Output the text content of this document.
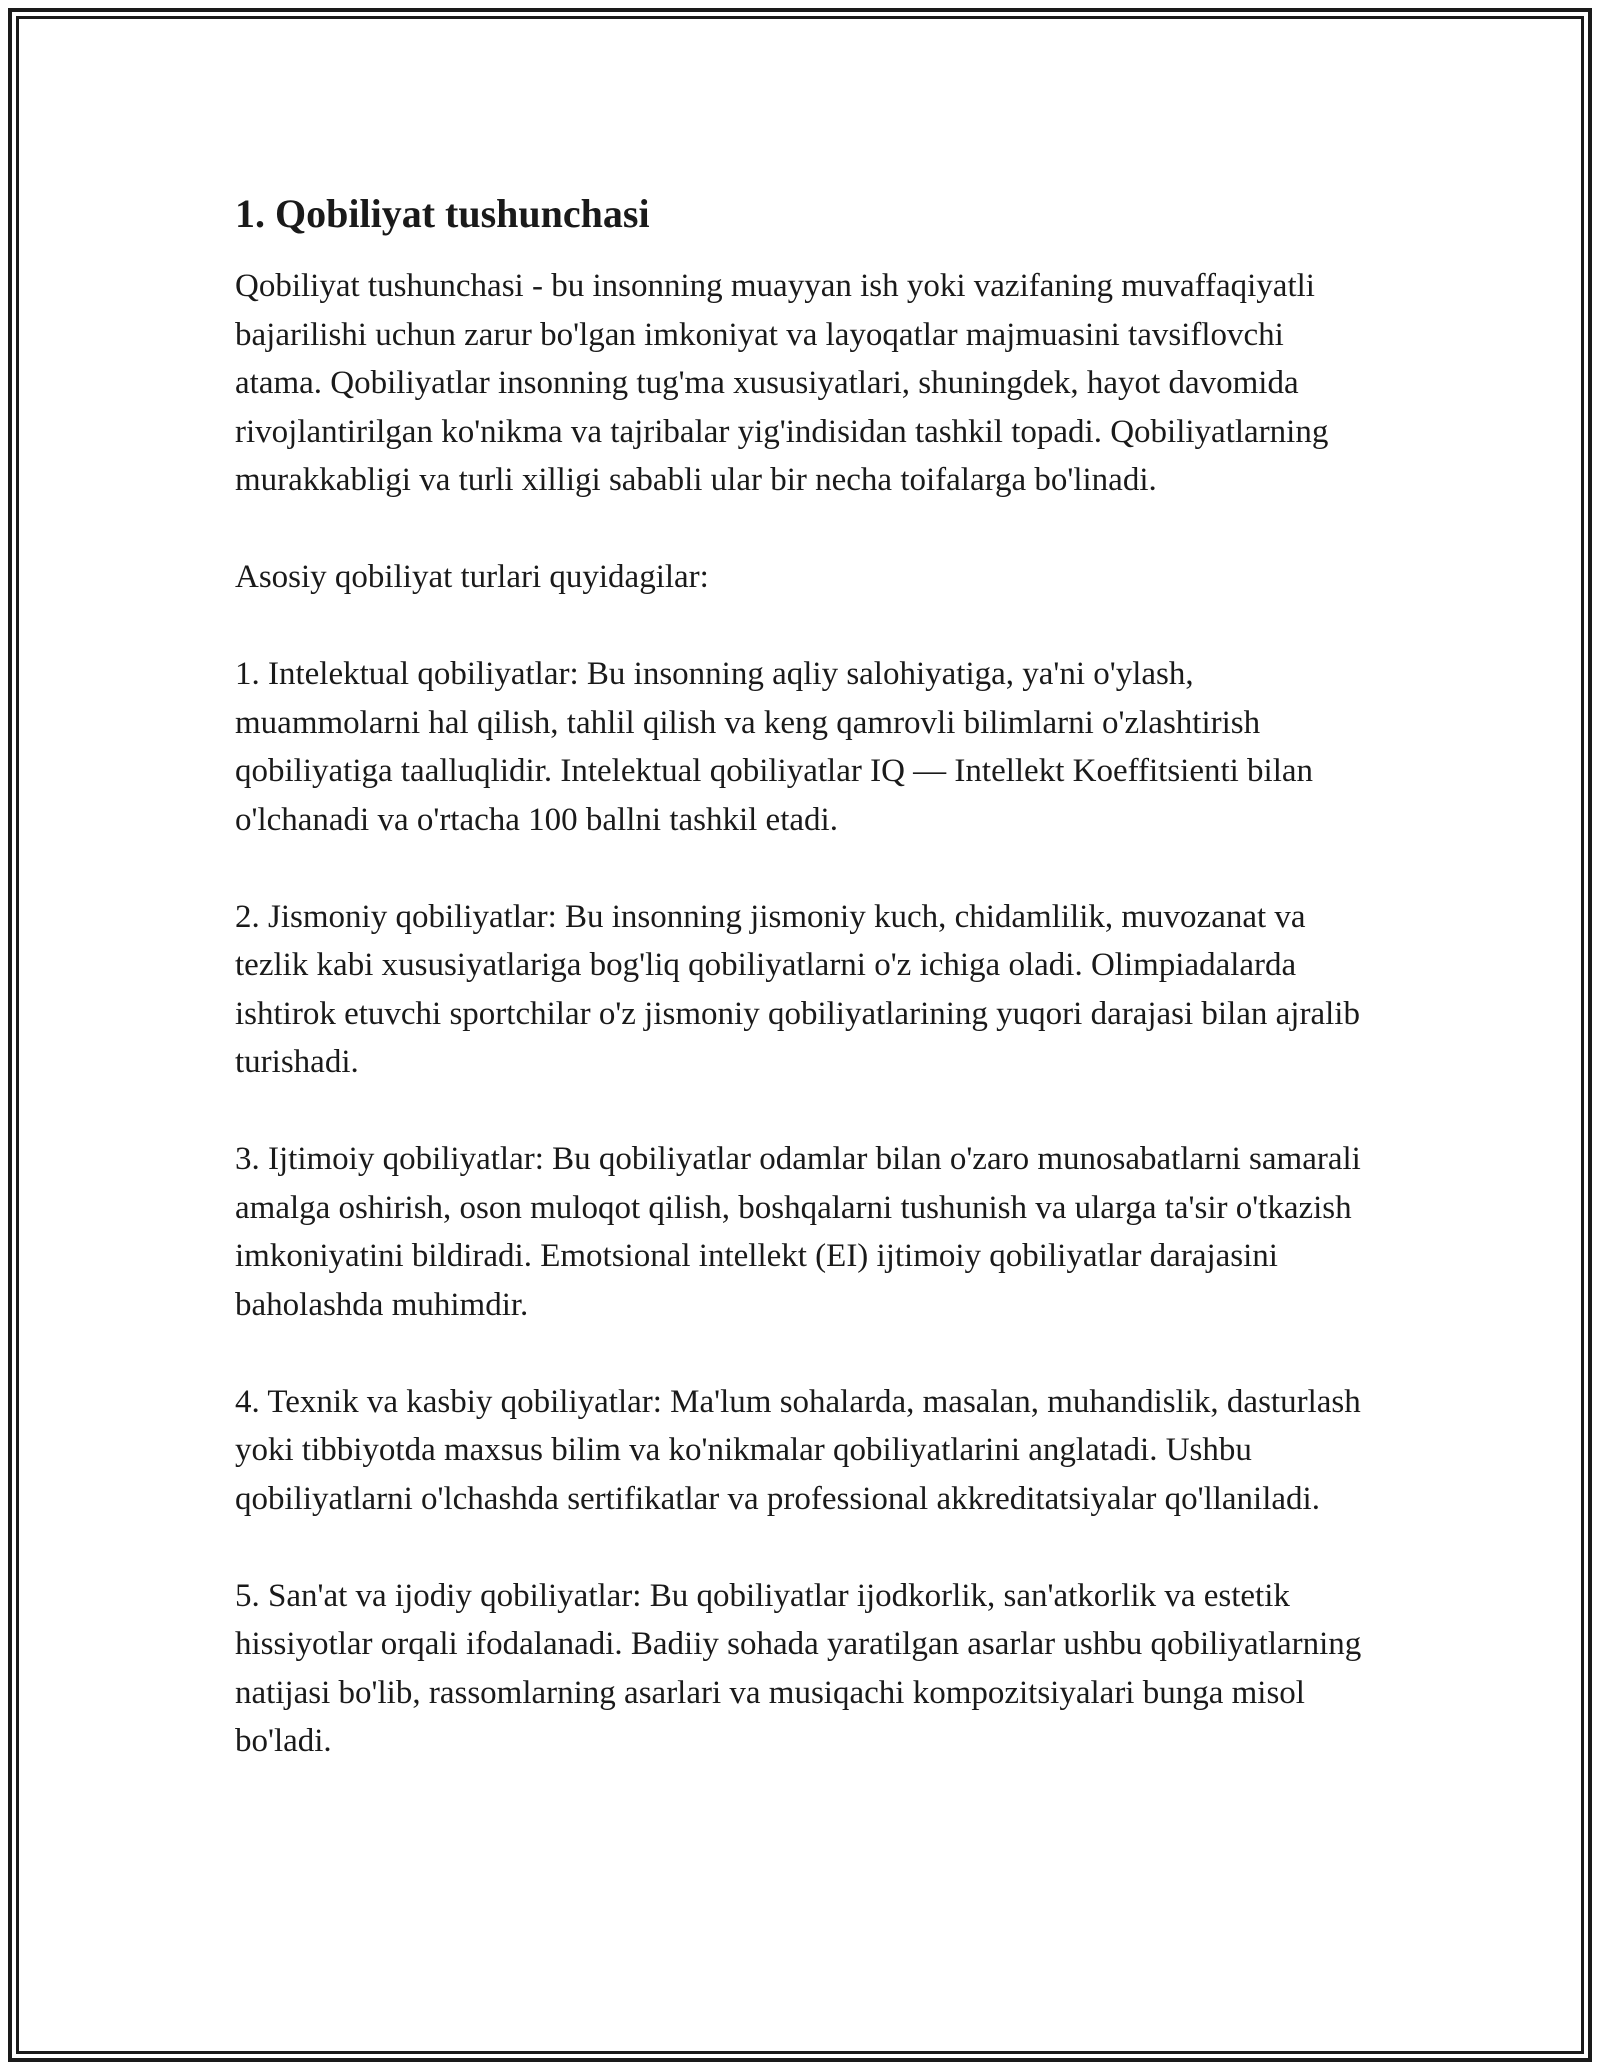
1. Qobiliyat tushunchasi

Qobiliyat tushunchasi - bu insonning muayyan ish yoki vazifaning muvaffaqiyatli bajarilishi uchun zarur bo'lgan imkoniyat va layoqatlar majmuasini tavsiflovchi atama. Qobiliyatlar insonning tug'ma xususiyatlari, shuningdek, hayot davomida rivojlantirilgan ko'nikma va tajribalar yig'indisidan tashkil topadi. Qobiliyatlarning murakkabligi va turli xilligi sababli ular bir necha toifalarga bo'linadi.

Asosiy qobiliyat turlari quyidagilar:

1. Intelektual qobiliyatlar: Bu insonning aqliy salohiyatiga, ya'ni o'ylash, muammolarni hal qilish, tahlil qilish va keng qamrovli bilimlarni o'zlashtirish qobiliyatiga taalluqlidir. Intelektual qobiliyatlar IQ — Intellekt Koeffitsienti bilan o'lchanadi va o'rtacha 100 ballni tashkil etadi.

2. Jismoniy qobiliyatlar: Bu insonning jismoniy kuch, chidamlilik, muvozanat va tezlik kabi xususiyatlariga bog'liq qobiliyatlarni o'z ichiga oladi. Olimpiadalarda ishtirok etuvchi sportchilar o'z jismoniy qobiliyatlarining yuqori darajasi bilan ajralib turishadi.

3. Ijtimoiy qobiliyatlar: Bu qobiliyatlar odamlar bilan o'zaro munosabatlarni samarali amalga oshirish, oson muloqot qilish, boshqalarni tushunish va ularga ta'sir o'tkazish imkoniyatini bildiradi. Emotsional intellekt (EI) ijtimoiy qobiliyatlar darajasini baholashda muhimdir.

4. Texnik va kasbiy qobiliyatlar: Ma'lum sohalarda, masalan, muhandislik, dasturlash yoki tibbiyotda maxsus bilim va ko'nikmalar qobiliyatlarini anglatadi. Ushbu qobiliyatlarni o'lchashda sertifikatlar va professional akkreditatsiyalar qo'llaniladi.

5. San'at va ijodiy qobiliyatlar: Bu qobiliyatlar ijodkorlik, san'atkorlik va estetik hissiyotlar orqali ifodalanadi. Badiiy sohada yaratilgan asarlar ushbu qobiliyatlarning natijasi bo'lib, rassomlarning asarlari va musiqachi kompozitsiyalari bunga misol bo'ladi.
